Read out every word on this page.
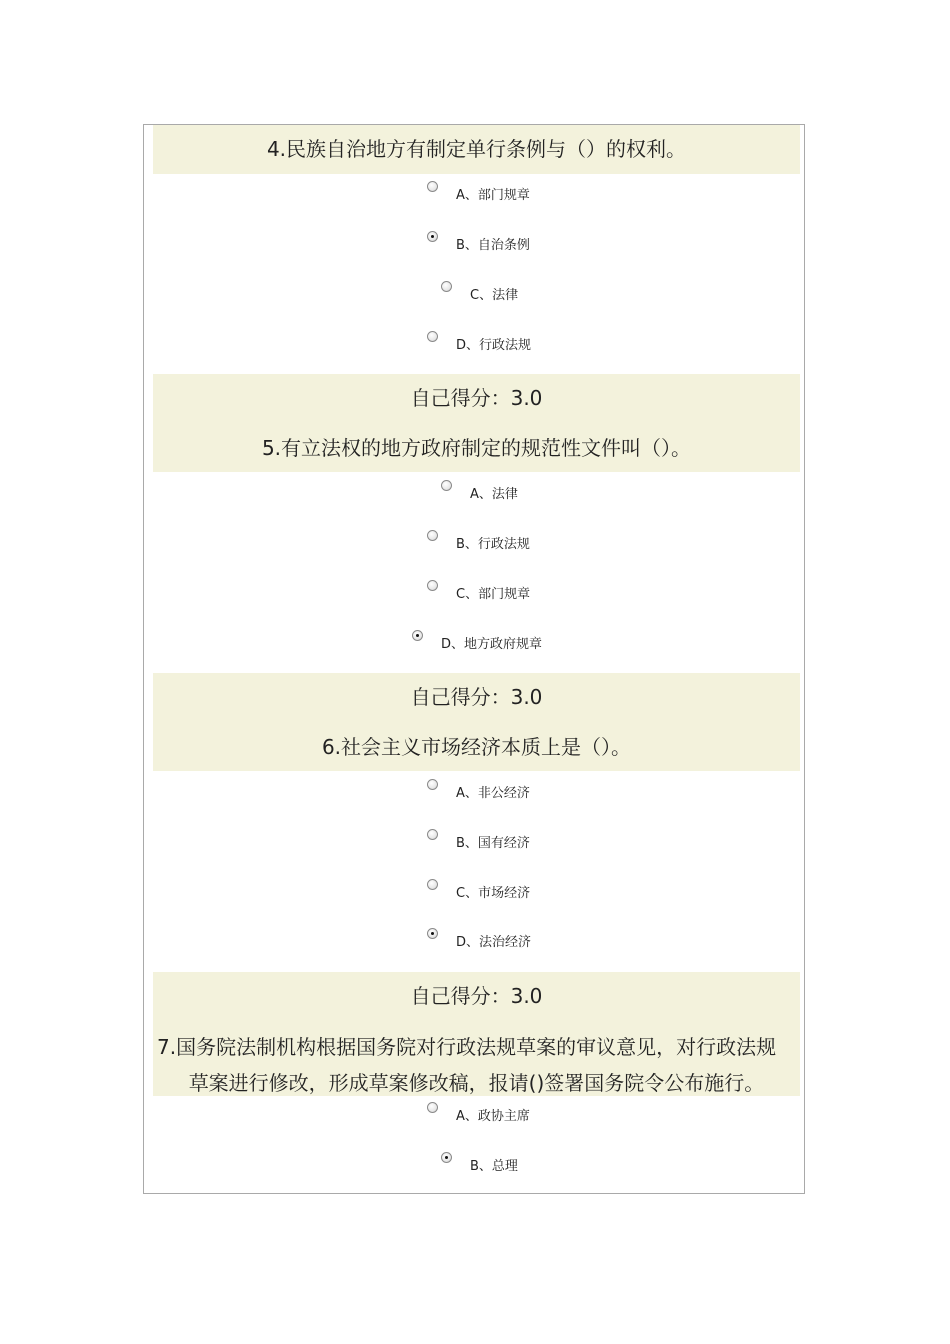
4.民族自治地方有制定单行条例与（）的权利。
A、部门规章
B、自治条例
C、法律
D、行政法规
自己得分：3.0
5.有立法权的地方政府制定的规范性文件叫（）。
A、法律
B、行政法规
C、部门规章
D、地方政府规章
自己得分：3.0
6.社会主义市场经济本质上是（）。
A、非公经济
B、国有经济
C、市场经济
D、法治经济
自己得分：3.0
7.国务院法制机构根据国务院对行政法规草案的审议意见，对行政法规草案进行修改，形成草案修改稿，报请()签署国务院令公布施行。
A、政协主席
B、总理
